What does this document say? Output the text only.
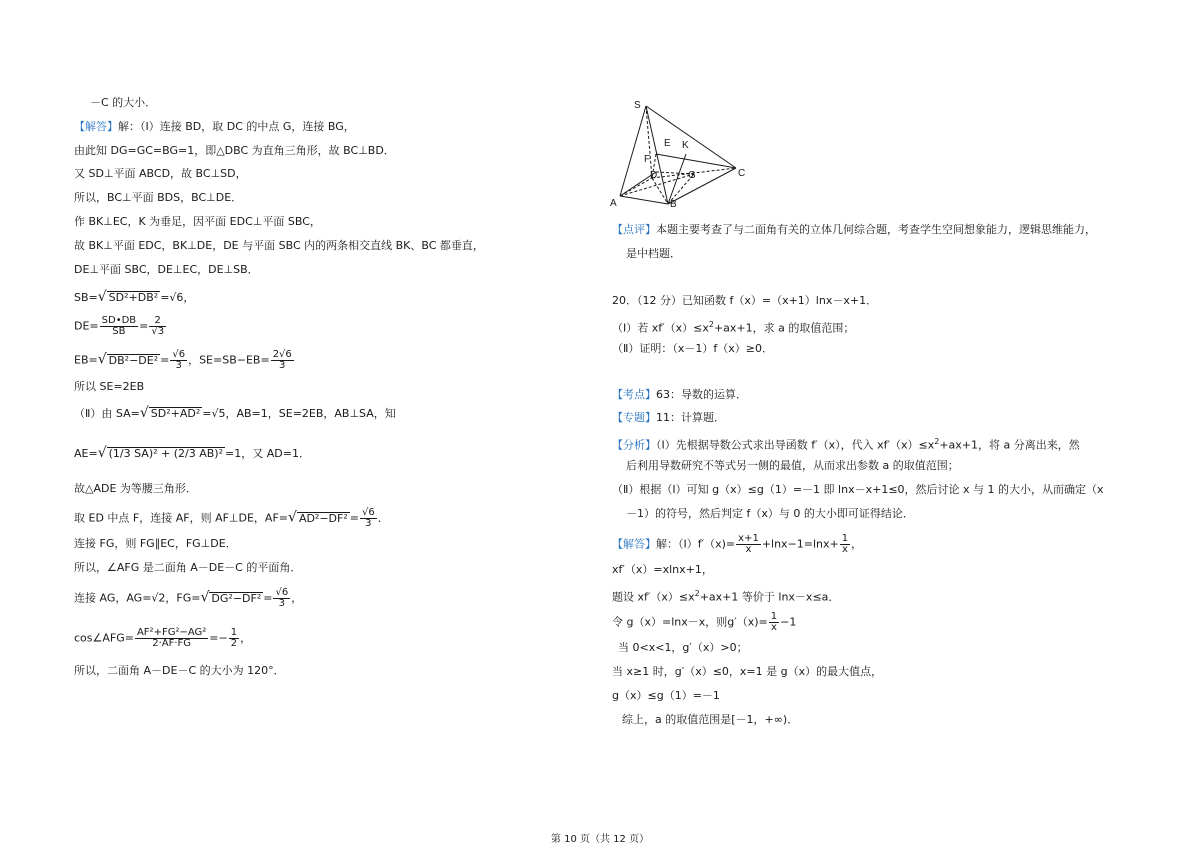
－C 的大小．
【解答】解：（Ⅰ）连接 BD，取 DC 的中点 G，连接 BG，
由此知 DG=GC=BG=1，即△DBC 为直角三角形，故 BC⊥BD．
又 SD⊥平面 ABCD，故 BC⊥SD，
所以，BC⊥平面 BDS，BC⊥DE．
作 BK⊥EC，K 为垂足，因平面 EDC⊥平面 SBC，
故 BK⊥平面 EDC，BK⊥DE，DE 与平面 SBC 内的两条相交直线 BK、BC 都垂直，
DE⊥平面 SBC，DE⊥EC，DE⊥SB．
SB=√ SD²+DB² =√6，
$DE= \frac{SD•DB}{SB} = \frac{2}{√3}$
EB=√ $DB^2-DE^2 = \frac{√6}{3}$ ，$SE=SB-EB= \frac{2√6}{3}$
所以 SE=2EB
（Ⅱ）由 SA=√ SD²+AD² =√5，AB=1，SE=2EB，AB⊥SA，知
AE=√ (1/3 SA)² + (2/3 AB)² =1，又 AD=1．
故△ADE 为等腰三角形．
取 ED 中点 F，连接 AF，则 AF⊥DE，AF=√ $AD^2-DF^2 = \frac{√6}{3}$ ．
连接 FG，则 FG∥EC，FG⊥DE．
所以，∠AFG 是二面角 A－DE－C 的平面角．
连接 AG，AG=√2，FG=√ $DG^2-DF^2 = \frac{√6}{3}$ ，
cos∠AFG= $\frac{\text{AF²+FG²−AG²}}{2\cdot AF\cdot FG} =- \frac{1}{2}$ ，
所以，二面角 A－DE－C 的大小为 120°．
S
E K
F
D	G
A	B
C
【点评】本题主要考查了与二面角有关的立体几何综合题，考查学生空间想象能力，逻辑思维能力，
是中档题．
20．（12 分）已知函数 f（x）=（x+1）lnx－x+1．
（Ⅰ）若 $xf'(x)\le x^2+ax+1$，求 a 的取值范围；
（Ⅱ）证明：（x－1）f（x）≥0．
【考点】63：导数的运算．
【专题】11：计算题．
【分析】（Ⅰ）先根据导数公式求出导函数 f′（x），代入 $xf'(x)\le x^2+ax+1$，将 a 分离出来，然
后利用导数研究不等式另一侧的最值，从而求出参数 a 的取值范围；
（Ⅱ）根据（Ⅰ）可知 g（x）≤g（1）=－1 即 lnx－x+1≤0，然后讨论 x 与 1 的大小，从而确定（x
－1）的符号，然后判定 f（x）与 0 的大小即可证得结论．
【解答】解：（Ⅰ）f′（x)= $\frac{x+1}{x} +\ln x-1=\ln x+ \frac{1}{x}$ ，
xf′（x）=xlnx+1，
题设 $xf'(x)\le x^2+ax+1$ 等价于 lnx－x≤a．
令 g（x）=lnx－x，则$g'(x)= \frac{1}{x} -1$
当 0<x<1，g′（x）>0；
当 x≥1 时，g′（x）≤0，x=1 是 g（x）的最大值点，
g（x）≤g（1）=－1
综上，a 的取值范围是[－1，+∞)．
第 10 页（共 12 页）
